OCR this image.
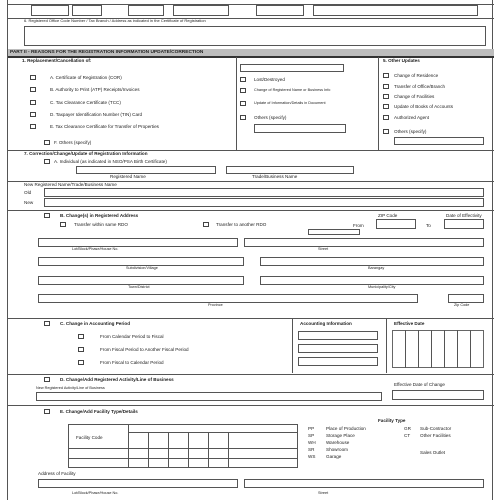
6. Registered Office Code Number / Tax Branch / Address as indicated in the Certificate of Registration
PART II - REASONS FOR THE REGISTRATION INFORMATION UPDATE/CORRECTION
1. Replacement/Cancellation of:	5. Other Updates
A. Certificate of Registration (COR)
B. Authority to Print (ATP) Receipts/Invoices
C. Tax Clearance Certificate (TCC)
D. Taxpayer Identification Number (TIN) Card
E. Tax Clearance Certificate for Transfer of Properties
F. Others (specify)
Lost/Destroyed
Change of Registered Name or Business Info
Update of Information/Details in Document
Others (specify)
Change of Residence
Transfer of Office/Branch
Change of Facilities
Update of Books of Accounts
Authorized Agent
Others (specify)
7. Correction/Change/Update of Registration Information
A. Individual (as indicated in NSO/PSA Birth Certificate)
Registered Name	Trade/Business Name
New Registered Name/Trade/Business Name
Old
New
B. Change(s) in Registered Address	ZIP Code	Date of Effectivity
Transfer within same RDO	Transfer to another RDO	From	To
Lot/Block/Phase/House No.	Street
Subdivision/Village	Barangay
Town/District	Municipality/City
Province	Zip Code
C. Change in Accounting Period	Accounting Information	Effective Date
From Calendar Period to Fiscal
From Fiscal Period to Another Fiscal Period
From Fiscal to Calendar Period
D. Change/Add Registered Activity/Line of Business
New Registered Activity/Line of Business
Effective Date of Change
E. Change/Add Facility Type/Details
Facility Type
Facility Code
PP	Place of Production
SP	Storage Place
WH Warehouse
SR	Showroom
WS Garage
GR Sub-Contractor
CT Other Facilities
Sales Outlet
Address of Facility
Lot/Block/Phase/House No.	Street
